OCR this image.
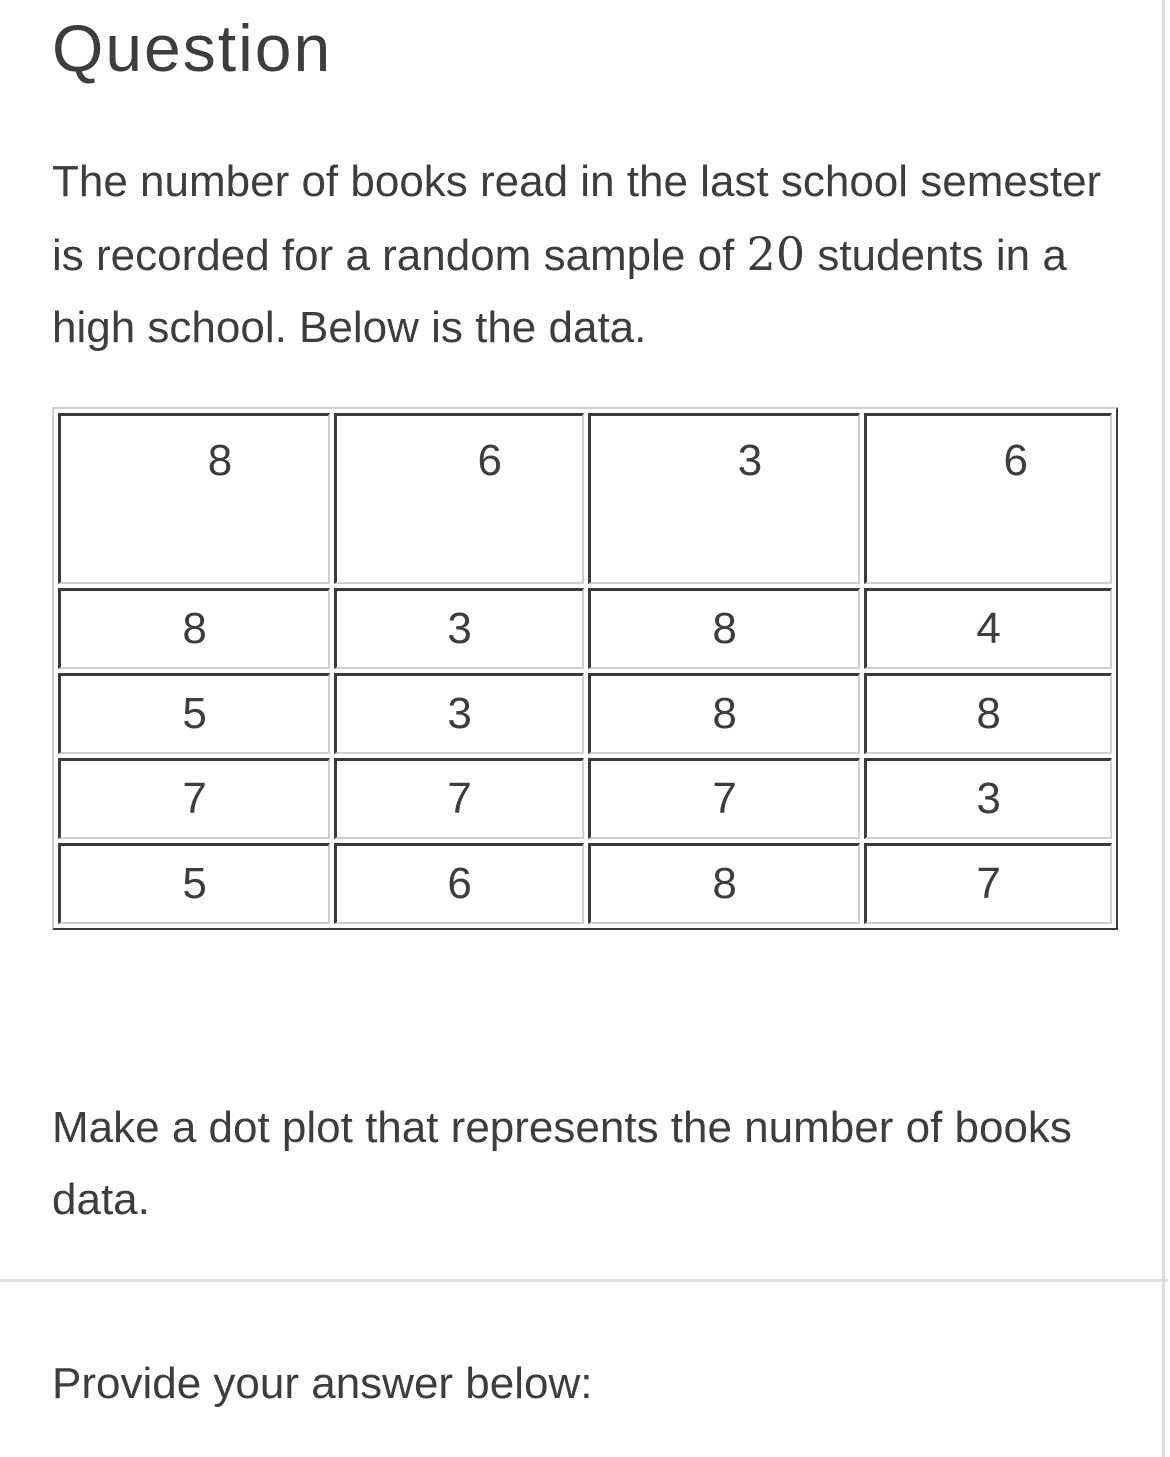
Question

The number of books read in the last school semester is recorded for a random sample of 20 students in a high school. Below is the data.

8	6	3	6
8	3	8	4
5	3	8	8
7	7	7	3
5	6	8	7

Make a dot plot that represents the number of books data.

Provide your answer below:
